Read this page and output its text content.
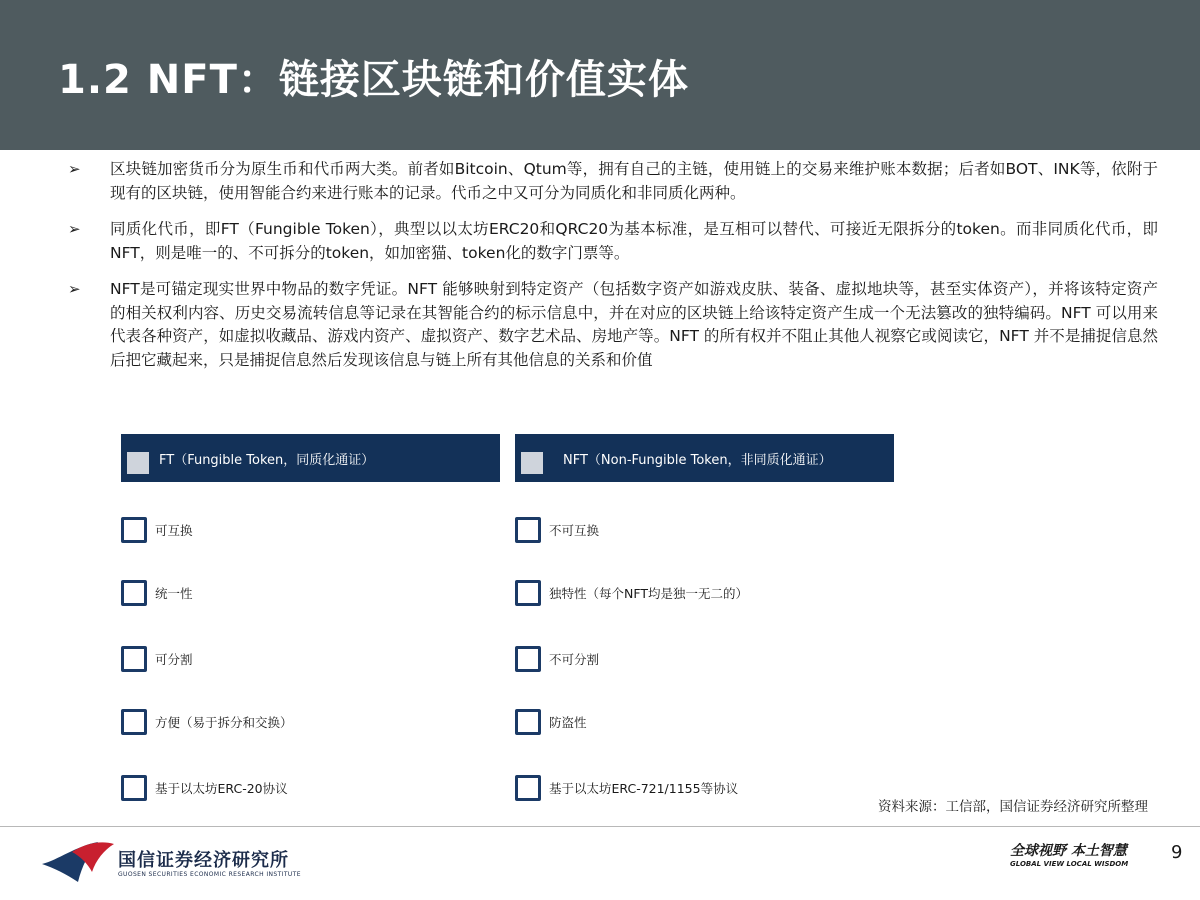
1.2 NFT：链接区块链和价值实体
➢ 区块链加密货币分为原生币和代币两大类。前者如Bitcoin、Qtum等，拥有自己的主链，使用链上的交易来维护账本数据；后者如BOT、INK等，依附于现有的区块链，使用智能合约来进行账本的记录。代币之中又可分为同质化和非同质化两种。
➢ 同质化代币，即FT（Fungible Token），典型以以太坊ERC20和QRC20为基本标准，是互相可以替代、可接近无限拆分的token。而非同质化代币，即NFT，则是唯一的、不可拆分的token，如加密猫、token化的数字门票等。
➢ NFT是可锚定现实世界中物品的数字凭证。NFT 能够映射到特定资产（包括数字资产如游戏皮肤、装备、虚拟地块等，甚至实体资产），并将该特定资产的相关权利内容、历史交易流转信息等记录在其智能合约的标示信息中，并在对应的区块链上给该特定资产生成一个无法篡改的独特编码。NFT 可以用来代表各种资产，如虚拟收藏品、游戏内资产、虚拟资产、数字艺术品、房地产等。NFT 的所有权并不阻止其他人视察它或阅读它，NFT 并不是捕捉信息然后把它藏起来，只是捕捉信息然后发现该信息与链上所有其他信息的关系和价值
FT（Fungible Token，同质化通证）	NFT（Non-Fungible Token，非同质化通证）
可互换
统一性
可分割
方便（易于拆分和交换）
基于以太坊ERC-20协议
不可互换
独特性（每个NFT均是独一无二的）
不可分割
防盗性
基于以太坊ERC-721/1155等协议
资料来源：工信部，国信证券经济研究所整理
国信证券经济研究所
GUOSEN SECURITIES ECONOMIC RESEARCH INSTITUTE
全球视野 本土智慧
GLOBAL VIEW LOCAL WISDOM
9
